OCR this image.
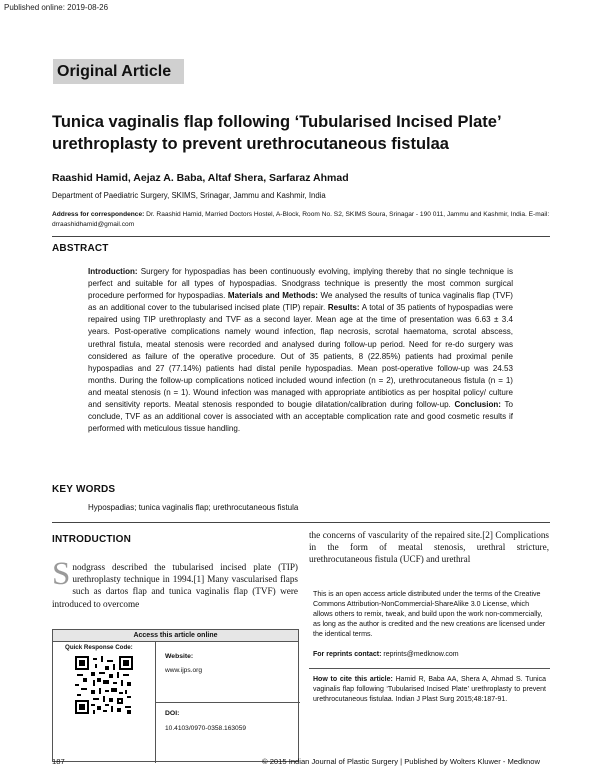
Published online: 2019-08-26
Original Article
Tunica vaginalis flap following ‘Tubularised Incised Plate’ urethroplasty to prevent urethrocutaneous fistulaa
Raashid Hamid, Aejaz A. Baba, Altaf Shera, Sarfaraz Ahmad
Department of Paediatric Surgery, SKIMS, Srinagar, Jammu and Kashmir, India
Address for correspondence: Dr. Raashid Hamid, Married Doctors Hostel, A-Block, Room No. S2, SKIMS Soura, Srinagar - 190 011, Jammu and Kashmir, India. E-mail: drraashidhamid@gmail.com
ABSTRACT
Introduction: Surgery for hypospadias has been continuously evolving, implying thereby that no single technique is perfect and suitable for all types of hypospadias. Snodgrass technique is presently the most common surgical procedure performed for hypospadias. Materials and Methods: We analysed the results of tunica vaginalis flap (TVF) as an additional cover to the tubularised incised plate (TIP) repair. Results: A total of 35 patients of hypospadias were repaired using TIP urethroplasty and TVF as a second layer. Mean age at the time of presentation was 6.63 ± 3.4 years. Post-operative complications namely wound infection, flap necrosis, scrotal haematoma, scrotal abscess, urethral fistula, meatal stenosis were recorded and analysed during follow-up period. Need for re-do surgery was considered as failure of the operative procedure. Out of 35 patients, 8 (22.85%) patients had proximal penile hypospadias and 27 (77.14%) patients had distal penile hypospadias. Mean post-operative follow-up was 24.53 months. During the follow-up complications noticed included wound infection (n = 2), urethrocutaneous fistula (n = 1) and meatal stenosis (n = 1). Wound infection was managed with appropriate antibiotics as per hospital policy/ culture and sensitivity reports. Meatal stenosis responded to bougie dilatation/calibration during follow-up. Conclusion: To conclude, TVF as an additional cover is associated with an acceptable complication rate and good cosmetic results if performed with meticulous tissue handling.
KEY WORDS
Hypospadias; tunica vaginalis flap; urethrocutaneous fistula
INTRODUCTION
Snodgrass described the tubularised incised plate (TIP) urethroplasty technique in 1994.[1] Many vascularised flaps such as dartos flap and tunica vaginalis flap (TVF) were introduced to overcome
the concerns of vascularity of the repaired site.[2] Complications in the form of meatal stenosis, urethral stricture, urethrocutaneous fistula (UCF) and urethral
Access this article online
Quick Response Code:
Website:
www.ijps.org
DOI:
10.4103/0970-0358.163059
This is an open access article distributed under the terms of the Creative Commons Attribution-NonCommercial-ShareAlike 3.0 License, which allows others to remix, tweak, and build upon the work non-commercially, as long as the author is credited and the new creations are licensed under the identical terms.
For reprints contact: reprints@medknow.com
How to cite this article: Hamid R, Baba AA, Shera A, Ahmad S. Tunica vaginalis flap following ‘Tubularised Incised Plate’ urethroplasty to prevent urethrocutaneous fistulaa. Indian J Plast Surg 2015;48:187-91.
187	© 2015 Indian Journal of Plastic Surgery | Published by Wolters Kluwer - Medknow
